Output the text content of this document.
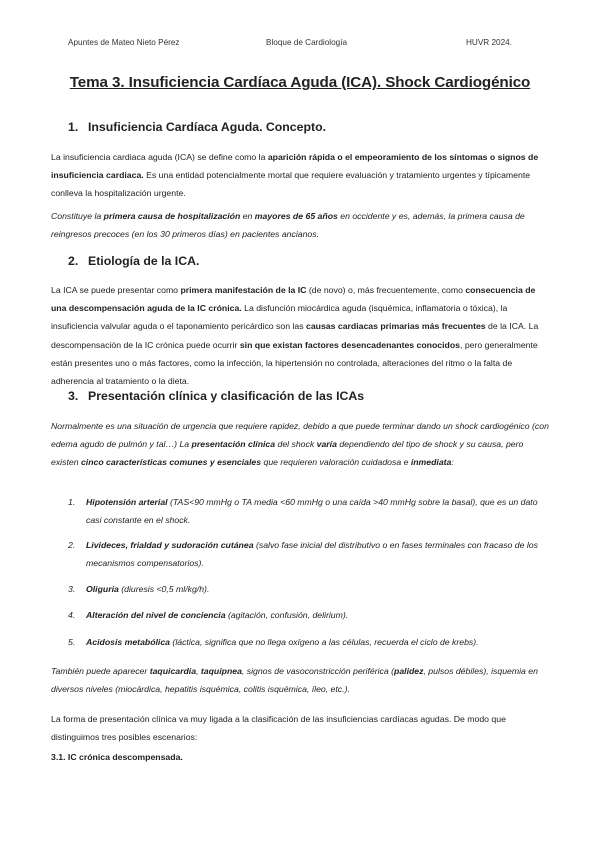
Apuntes de Mateo Nieto Pérez	Bloque de Cardiología	HUVR 2024.
Tema 3. Insuficiencia Cardíaca Aguda (ICA). Shock Cardiogénico
1. Insuficiencia Cardíaca Aguda. Concepto.

La insuficiencia cardiaca aguda (ICA) se define como la aparición rápida o el empeoramiento de los síntomas o signos de insuficiencia cardiaca. Es una entidad potencialmente mortal que requiere evaluación y tratamiento urgentes y típicamente conlleva la hospitalización urgente.

Constituye la primera causa de hospitalización en mayores de 65 años en occidente y es, además, la primera causa de reingresos precoces (en los 30 primeros días) en pacientes ancianos.

2. Etiología de la ICA.

La ICA se puede presentar como primera manifestación de la IC (de novo) o, más frecuentemente, como consecuencia de una descompensación aguda de la IC crónica. La disfunción miocárdica aguda (isquémica, inflamatoria o tóxica), la insuficiencia valvular aguda o el taponamiento pericárdico son las causas cardiacas primarias más frecuentes de la ICA. La descompensación de la IC crónica puede ocurrir sin que existan factores desencadenantes conocidos, pero generalmente están presentes uno o más factores, como la infección, la hipertensión no controlada, alteraciones del ritmo o la falta de adherencia al tratamiento o la dieta.

3. Presentación clínica y clasificación de las ICAs

Normalmente es una situación de urgencia que requiere rapidez, debido a que puede terminar dando un shock cardiogénico (con edema agudo de pulmón y tal…) La presentación clínica del shock varía dependiendo del tipo de shock y su causa, pero existen cinco características comunes y esenciales que requieren valoración cuidadosa e inmediata:

1. Hipotensión arterial (TAS<90 mmHg o TA media <60 mmHg o una caída >40 mmHg sobre la basal), que es un dato casi constante en el shock.
2. Livideces, frialdad y sudoración cutánea (salvo fase inicial del distributivo o en fases terminales con fracaso de los mecanismos compensatorios).
3. Oliguria (diuresis <0,5 ml/kg/h).
4. Alteración del nivel de conciencia (agitación, confusión, delirium).
5. Acidosis metabólica (láctica, significa que no llega oxígeno a las células, recuerda el ciclo de krebs).

También puede aparecer taquicardia, taquipnea, signos de vasoconstricción periférica (palidez, pulsos débiles), isquemia en diversos niveles (miocárdica, hepatitis isquémica, colitis isquémica, íleo, etc.).

La forma de presentación clínica va muy ligada a la clasificación de las insuficiencias cardíacas agudas. De modo que distinguimos tres posibles escenarios:

3.1. IC crónica descompensada.
